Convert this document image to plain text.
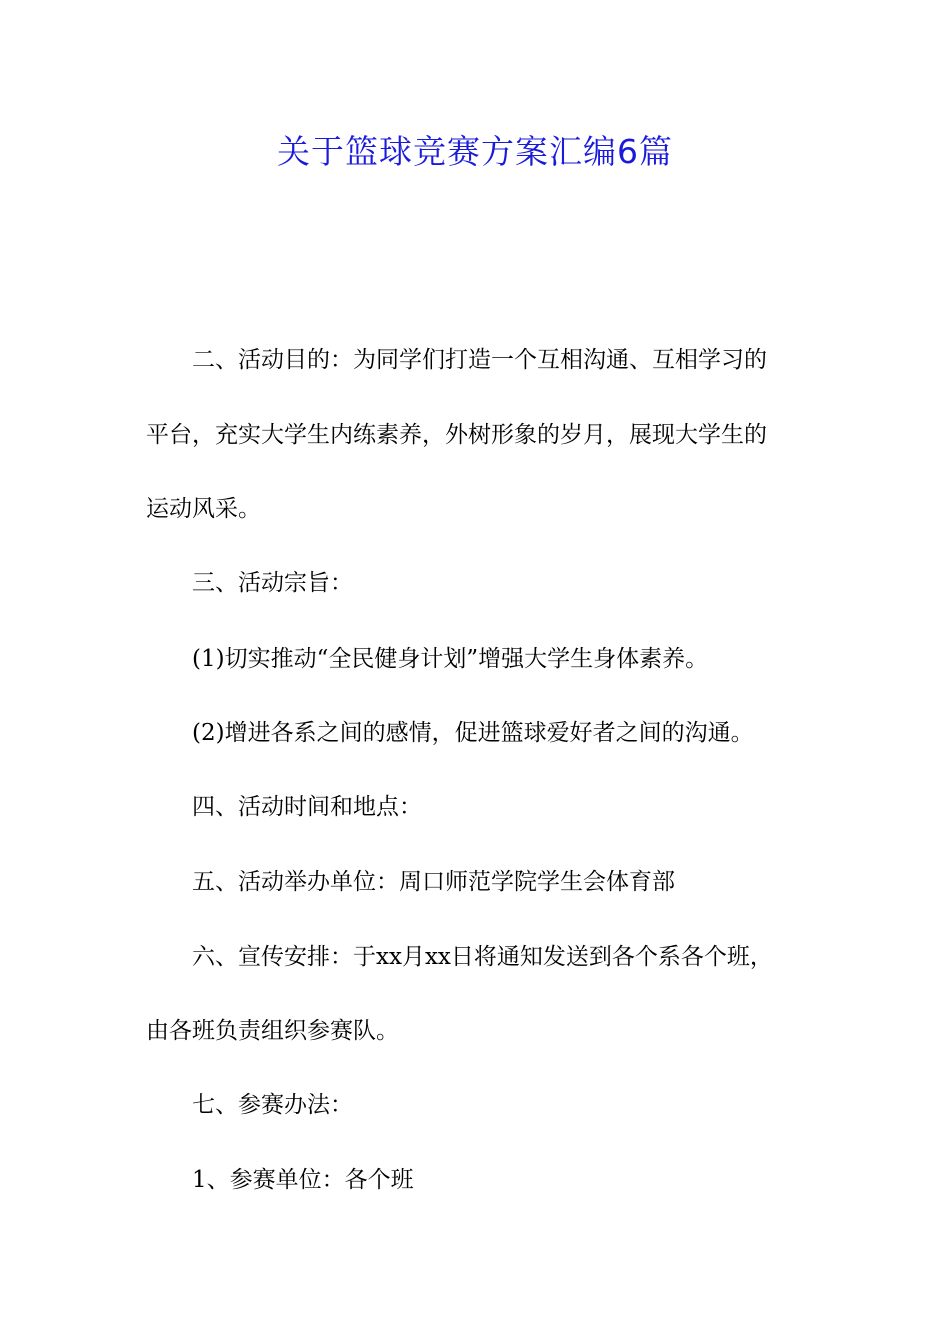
关于篮球竞赛方案汇编6篇

二、活动目的：为同学们打造一个互相沟通、互相学习的

平台，充实大学生内练素养，外树形象的岁月，展现大学生的

运动风采。

三、活动宗旨：

(1)切实推动“全民健身计划”增强大学生身体素养。

(2)增进各系之间的感情，促进篮球爱好者之间的沟通。

四、活动时间和地点：

五、活动举办单位：周口师范学院学生会体育部

六、宣传安排：于xx月xx日将通知发送到各个系各个班，

由各班负责组织参赛队。

七、参赛办法：

1、参赛单位：各个班
